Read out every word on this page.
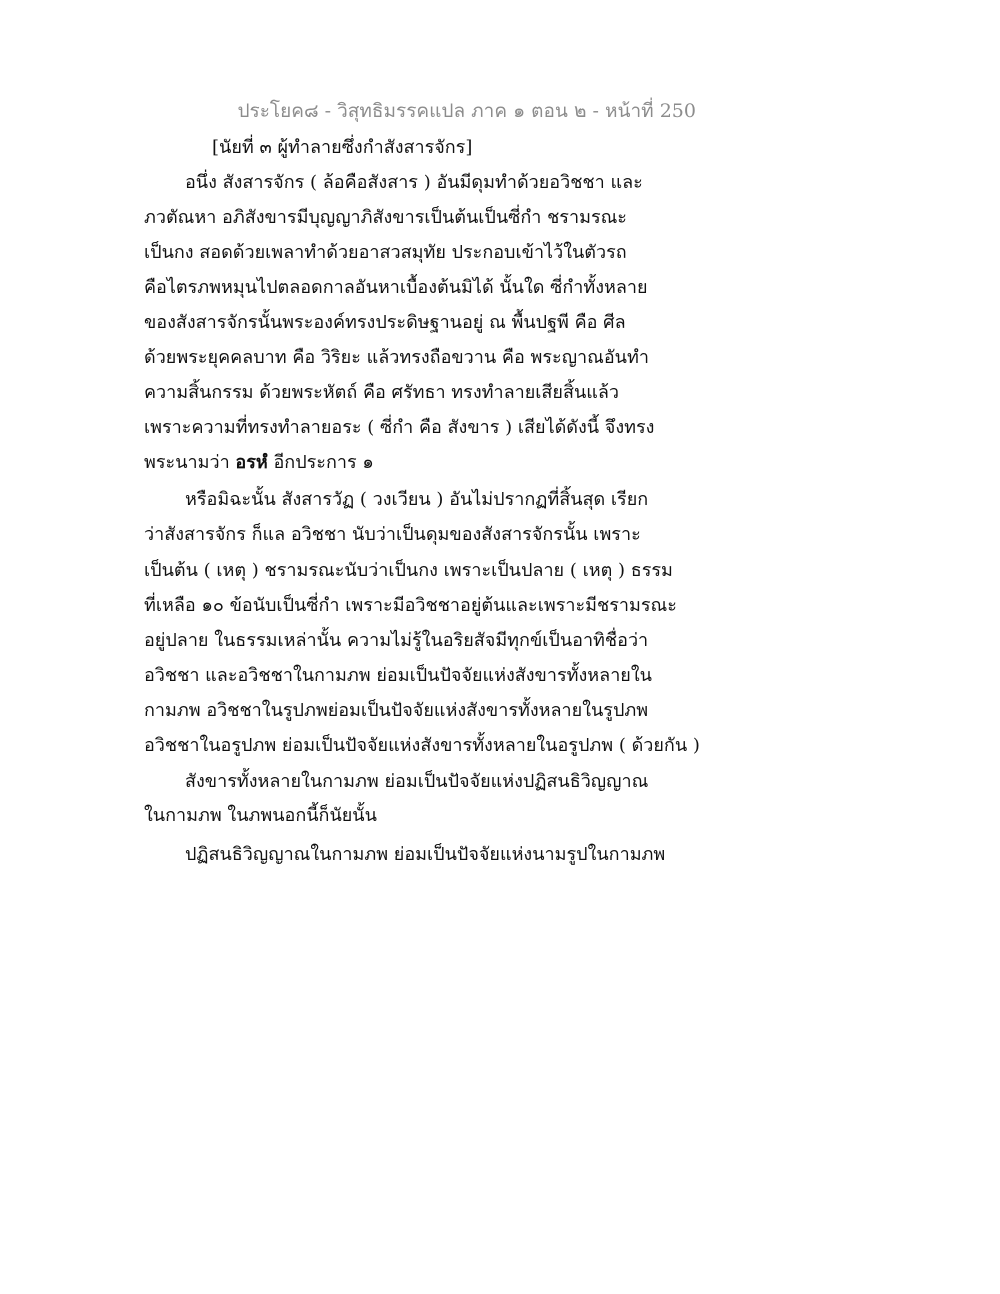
ประโยค๘ - วิสุทธิมรรคแปล ภาค ๑ ตอน ๒ - หน้าที่ 250
[นัยที่ ๓ ผู้ทำลายซึ่งกำสังสารจักร]
อนึ่ง สังสารจักร ( ล้อคือสังสาร ) อันมีดุมทำด้วยอวิชชา และ
ภวตัณหา อภิสังขารมีบุญญาภิสังขารเป็นต้นเป็นซี่กำ ชรามรณะ
เป็นกง สอดด้วยเพลาทำด้วยอาสวสมุทัย ประกอบเข้าไว้ในตัวรถ
คือไตรภพหมุนไปตลอดกาลอันหาเบื้องต้นมิได้ นั้นใด ซี่กำทั้งหลาย
ของสังสารจักรนั้นพระองค์ทรงประดิษฐานอยู่ ณ พื้นปฐพี คือ ศีล
ด้วยพระยุคคลบาท คือ วิริยะ แล้วทรงถือขวาน คือ พระญาณอันทำ
ความสิ้นกรรม ด้วยพระหัตถ์ คือ ศรัทธา ทรงทำลายเสียสิ้นแล้ว
เพราะความที่ทรงทำลายอระ ( ซี่กำ คือ สังขาร ) เสียได้ดังนี้ จึงทรง
พระนามว่า อรหํ อีกประการ ๑
หรือมิฉะนั้น สังสารวัฏ ( วงเวียน ) อันไม่ปรากฏที่สิ้นสุด เรียก
ว่าสังสารจักร ก็แล อวิชชา นับว่าเป็นดุมของสังสารจักรนั้น เพราะ
เป็นต้น ( เหตุ ) ชรามรณะนับว่าเป็นกง เพราะเป็นปลาย ( เหตุ ) ธรรม
ที่เหลือ ๑๐ ข้อนับเป็นซี่กำ เพราะมีอวิชชาอยู่ต้นและเพราะมีชรามรณะ
อยู่ปลาย ในธรรมเหล่านั้น ความไม่รู้ในอริยสัจมีทุกข์เป็นอาทิชื่อว่า
อวิชชา และอวิชชาในกามภพ ย่อมเป็นปัจจัยแห่งสังขารทั้งหลายใน
กามภพ อวิชชาในรูปภพย่อมเป็นปัจจัยแห่งสังขารทั้งหลายในรูปภพ
อวิชชาในอรูปภพ ย่อมเป็นปัจจัยแห่งสังขารทั้งหลายในอรูปภพ ( ด้วยกัน )
สังขารทั้งหลายในกามภพ ย่อมเป็นปัจจัยแห่งปฏิสนธิวิญญาณ
ในกามภพ ในภพนอกนี้ก็นัยนั้น
ปฏิสนธิวิญญาณในกามภพ ย่อมเป็นปัจจัยแห่งนามรูปในกามภพ
